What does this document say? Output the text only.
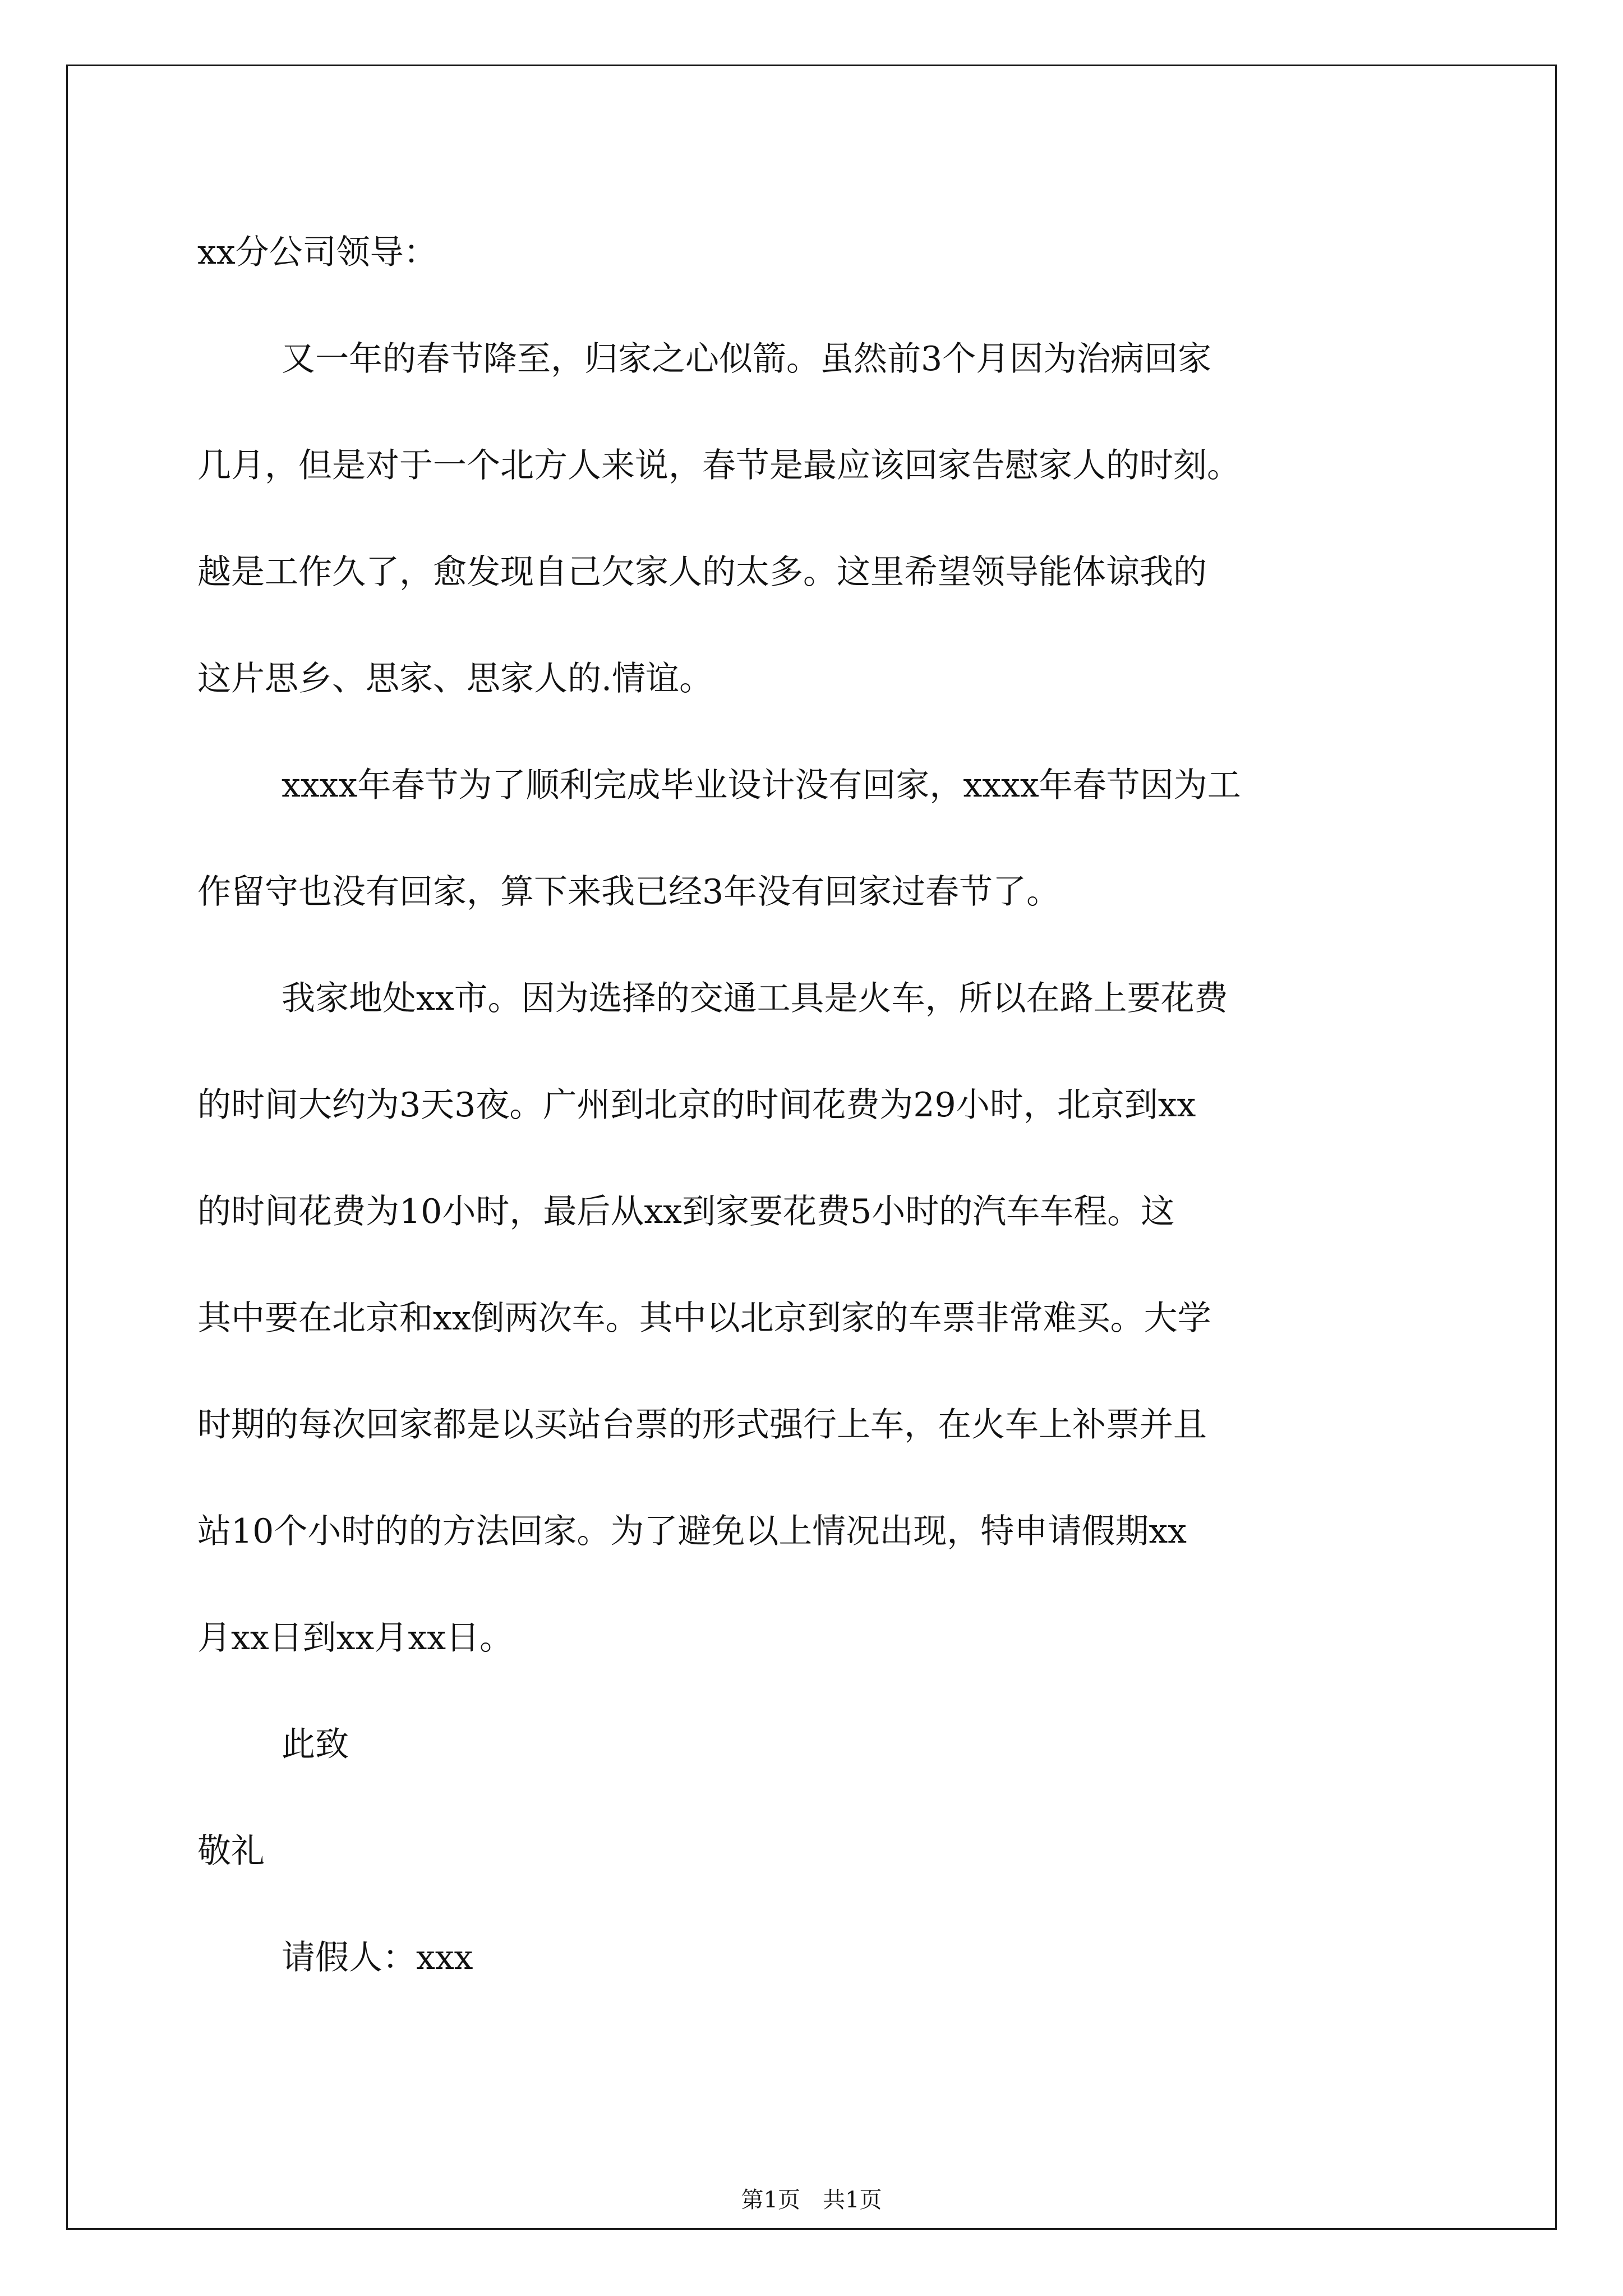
xx分公司领导：
又一年的春节降至，归家之心似箭。虽然前3个月因为治病回家
几月，但是对于一个北方人来说，春节是最应该回家告慰家人的时刻。
越是工作久了，愈发现自己欠家人的太多。这里希望领导能体谅我的
这片思乡、思家、思家人的.情谊。
xxxx年春节为了顺利完成毕业设计没有回家，xxxx年春节因为工
作留守也没有回家，算下来我已经3年没有回家过春节了。
我家地处xx市。因为选择的交通工具是火车，所以在路上要花费
的时间大约为3天3夜。广州到北京的时间花费为29小时，北京到xx
的时间花费为10小时，最后从xx到家要花费5小时的汽车车程。这
其中要在北京和xx倒两次车。其中以北京到家的车票非常难买。大学
时期的每次回家都是以买站台票的形式强行上车，在火车上补票并且
站10个小时的的方法回家。为了避免以上情况出现，特申请假期xx
月xx日到xx月xx日。
此致
敬礼
请假人：xxx
第1页　共1页
